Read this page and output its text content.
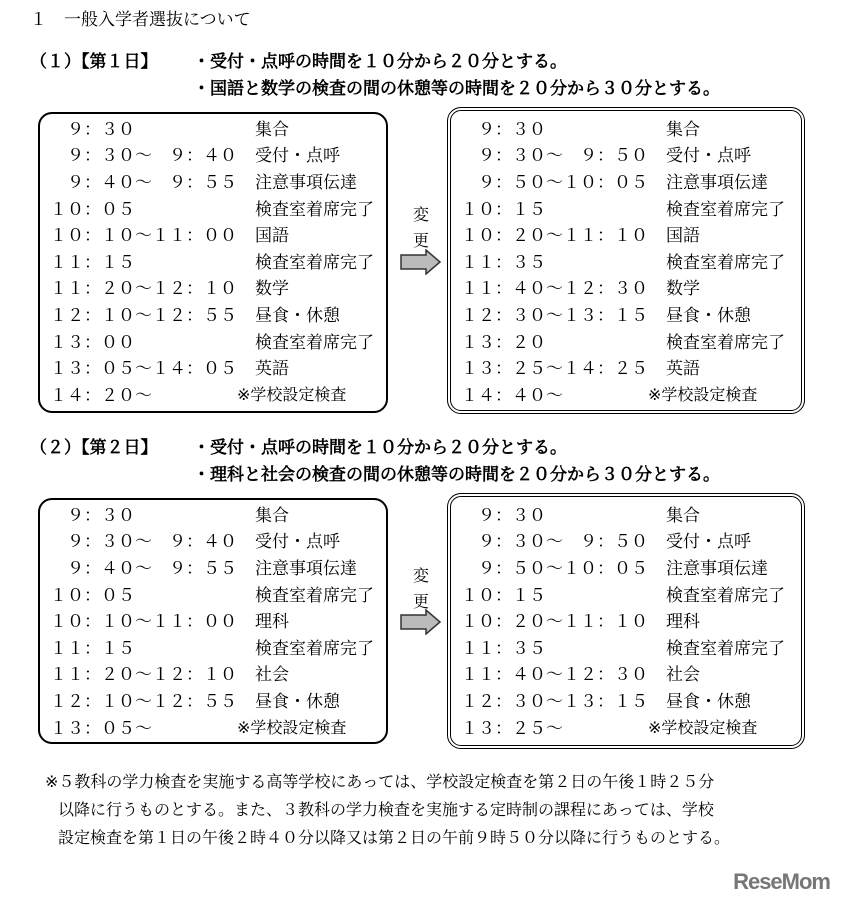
１　一般入学者選抜について
（１）【第１日】 ・受付・点呼の時間を１０分から２０分とする。
・国語と数学の検査の間の休憩等の時間を２０分から３０分とする。
　９：３０	集合
　９：３０～　９：４０	受付・点呼
　９：４０～　９：５５	注意事項伝達
１０：０５	検査室着席完了
１０：１０～１１：００	国語
１１：１５	検査室着席完了
１１：２０～１２：１０	数学
１２：１０～１２：５５	昼食・休憩
１３：００	検査室着席完了
１３：０５～１４：０５	英語
１４：２０～	※学校設定検査
　９：３０	集合
　９：３０～　９：５０	受付・点呼
　９：５０～１０：０５	注意事項伝達
１０：１５	検査室着席完了
１０：２０～１１：１０	国語
１１：３５	検査室着席完了
１１：４０～１２：３０	数学
１２：３０～１３：１５	昼食・休憩
１３：２０	検査室着席完了
１３：２５～１４：２５	英語
１４：４０～	※学校設定検査
変
更
（２）【第２日】 ・受付・点呼の時間を１０分から２０分とする。
・理科と社会の検査の間の休憩等の時間を２０分から３０分とする。
　９：３０	集合
　９：３０～　９：４０	受付・点呼
　９：４０～　９：５５	注意事項伝達
１０：０５	検査室着席完了
１０：１０～１１：００	理科
１１：１５	検査室着席完了
１１：２０～１２：１０	社会
１２：１０～１２：５５	昼食・休憩
１３：０５～	※学校設定検査
　９：３０	集合
　９：３０～　９：５０	受付・点呼
　９：５０～１０：０５	注意事項伝達
１０：１５	検査室着席完了
１０：２０～１１：１０	理科
１１：３５	検査室着席完了
１１：４０～１２：３０	社会
１２：３０～１３：１５	昼食・休憩
１３：２５～	※学校設定検査
変
更
※５教科の学力検査を実施する高等学校にあっては、学校設定検査を第２日の午後１時２５分
以降に行うものとする。また、３教科の学力検査を実施する定時制の課程にあっては、学校
設定検査を第１日の午後２時４０分以降又は第２日の午前９時５０分以降に行うものとする。
ReseMom
